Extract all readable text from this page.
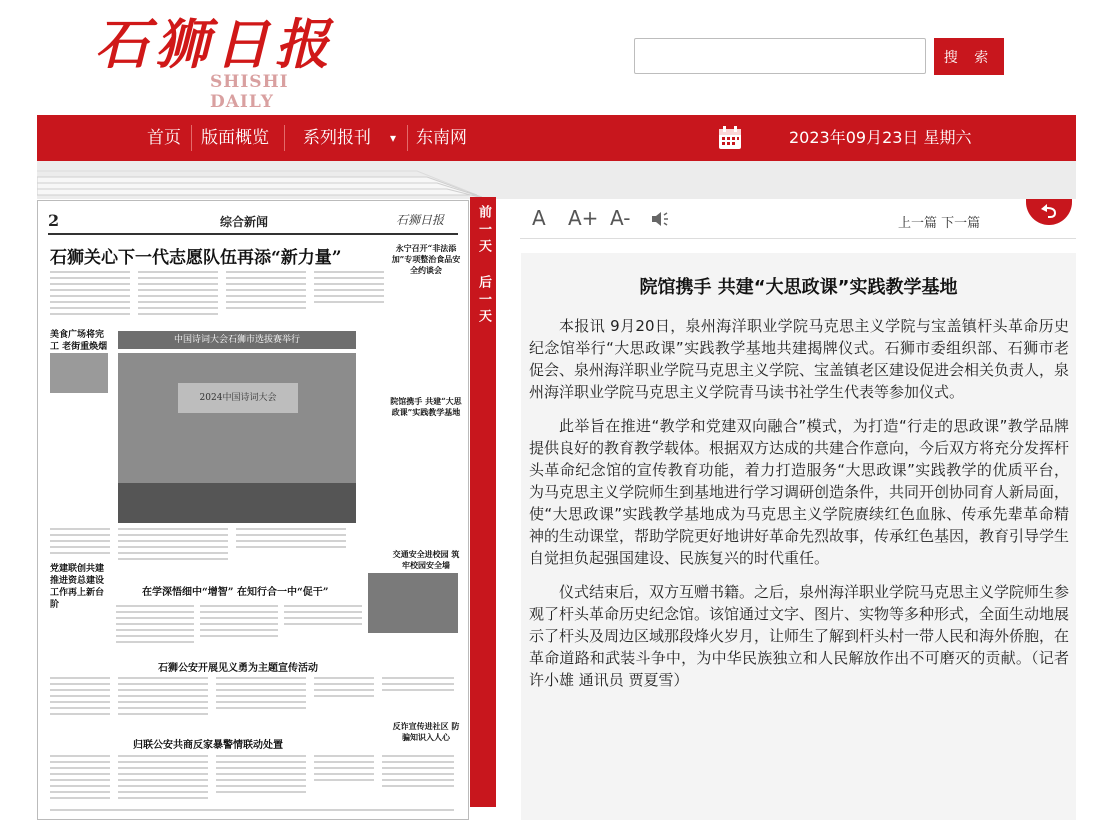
石狮日报
SHISHI DAILY
搜 索
首页 版面概览 系列报刊 ▾ 东南网	2023年09月23日 星期六
2	综合新闻	石狮日报
石狮关心下一代志愿队伍再添“新力量”	永宁召开“非法添加”专项整治食品安全约谈会
美食广场将完工 老街重焕烟
中国诗词大会石狮市选拔赛举行
2024中国诗词大会	院馆携手 共建“大思政课”实践教学基地
党建联创共建 推进资总建设工作再上新台阶
在学深悟细中“增智” 在知行合一中“促干”
交通安全进校园 筑牢校园安全墙
石狮公安开展见义勇为主题宣传活动
反诈宣传进社区 防骗知识入人心
归联公安共商反家暴警情联动处置
前一天 后一天 A A+ A-	上一篇 下一篇
院馆携手 共建“大思政课”实践教学基地

本报讯 9月20日，泉州海洋职业学院马克思主义学院与宝盖镇杆头革命历史纪念馆举行“大思政课”实践教学基地共建揭牌仪式。石狮市委组织部、石狮市老促会、泉州海洋职业学院马克思主义学院、宝盖镇老区建设促进会相关负责人，泉州海洋职业学院马克思主义学院青马读书社学生代表等参加仪式。

此举旨在推进“教学和党建双向融合”模式，为打造“行走的思政课”教学品牌提供良好的教育教学载体。根据双方达成的共建合作意向，今后双方将充分发挥杆头革命纪念馆的宣传教育功能，着力打造服务“大思政课”实践教学的优质平台，为马克思主义学院师生到基地进行学习调研创造条件，共同开创协同育人新局面，使“大思政课”实践教学基地成为马克思主义学院赓续红色血脉、传承先辈革命精神的生动课堂，帮助学院更好地讲好革命先烈故事，传承红色基因，教育引导学生自觉担负起强国建设、民族复兴的时代重任。

仪式结束后，双方互赠书籍。之后，泉州海洋职业学院马克思主义学院师生参观了杆头革命历史纪念馆。该馆通过文字、图片、实物等多种形式，全面生动地展示了杆头及周边区域那段烽火岁月，让师生了解到杆头村一带人民和海外侨胞，在革命道路和武装斗争中，为中华民族独立和人民解放作出不可磨灭的贡献。（记者 许小雄 通讯员 贾夏雪）
